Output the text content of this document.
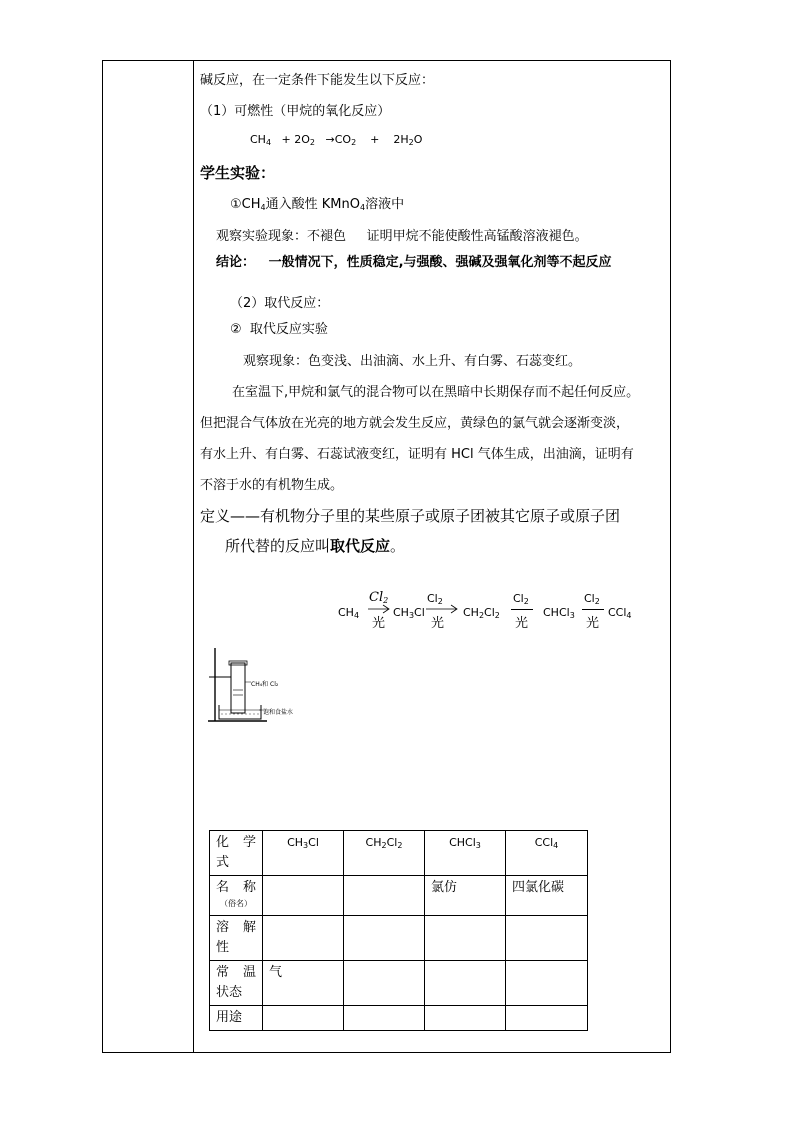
碱反应，在一定条件下能发生以下反应：
（1）可燃性（甲烷的氧化反应）
$CH_4 + 2O_2 \to CO_2 + 2H_2O$
学生实验：
$①CH_4$通入酸性 KMnO$_4$溶液中
观察实验现象：不褪色     证明甲烷不能使酸性高锰酸溶液褪色。
结论：   一般情况下，性质稳定,与强酸、强碱及强氧化剂等不起反应
（2）取代反应：
②  取代反应实验
观察现象：色变浅、出油滴、水上升、有白雾、石蕊变红。
在室温下,甲烷和氯气的混合物可以在黑暗中长期保存而不起任何反应。
但把混合气体放在光亮的地方就会发生反应，黄绿色的氯气就会逐渐变淡，
有水上升、有白雾、石蕊试液变红，证明有 HCl 气体生成，出油滴，证明有
不溶于水的有机物生成。
定义——有机物分子里的某些原子或原子团被其它原子或原子团
所代替的反应叫取代反应。
$CH_4$
$Cl_2$
光
$CH_3Cl$
$Cl_2$
光
$CH_2Cl_2$
$Cl_2$
光
CHCl$_3$
$Cl_2$
光
CCl$_4$
CH₄和 Cl₂
饱和食盐水
化 学
式	$CH_3Cl$	$CH_2Cl_2$	CHCl$_3$	CCl$_4$

名 称
（俗名）			氯仿	四氯化碳

溶 解
性				

常 温
状态	气			
用途				
